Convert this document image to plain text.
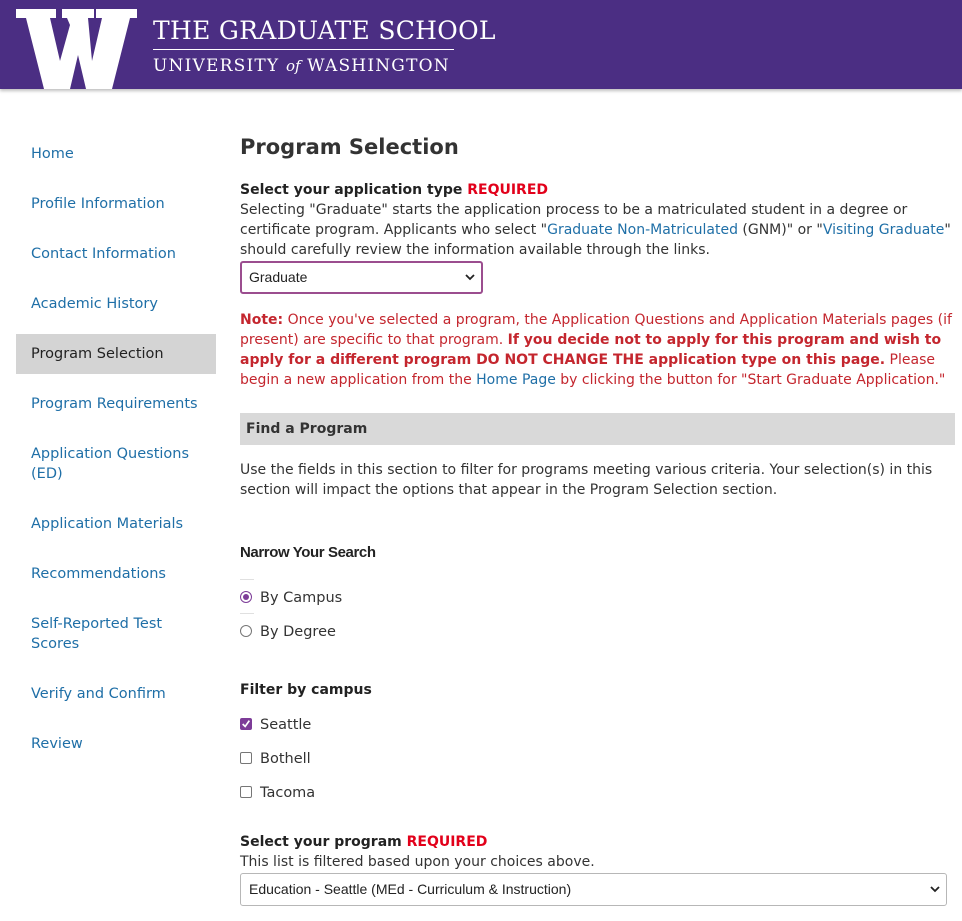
THE GRADUATE SCHOOL
UNIVERSITY of WASHINGTON
Home
Profile Information
Contact Information
Academic History
Program Selection
Program Requirements
Application Questions (ED)
Application Materials
Recommendations
Self-Reported Test Scores
Verify and Confirm
Review
Program Selection
Select your application type REQUIRED
Selecting "Graduate" starts the application process to be a matriculated student in a degree or certificate program. Applicants who select "Graduate Non-Matriculated (GNM)" or "Visiting Graduate" should carefully review the information available through the links.
Graduate
Note: Once you've selected a program, the Application Questions and Application Materials pages (if present) are specific to that program. If you decide not to apply for this program and wish to apply for a different program DO NOT CHANGE THE application type on this page. Please begin a new application from the Home Page by clicking the button for "Start Graduate Application."
Find a Program
Use the fields in this section to filter for programs meeting various criteria. Your selection(s) in this section will impact the options that appear in the Program Selection section.
Narrow Your Search
By Campus
By Degree
Filter by campus
Seattle
Bothell
Tacoma
Select your program REQUIRED
This list is filtered based upon your choices above.
Education - Seattle (MEd - Curriculum & Instruction)
